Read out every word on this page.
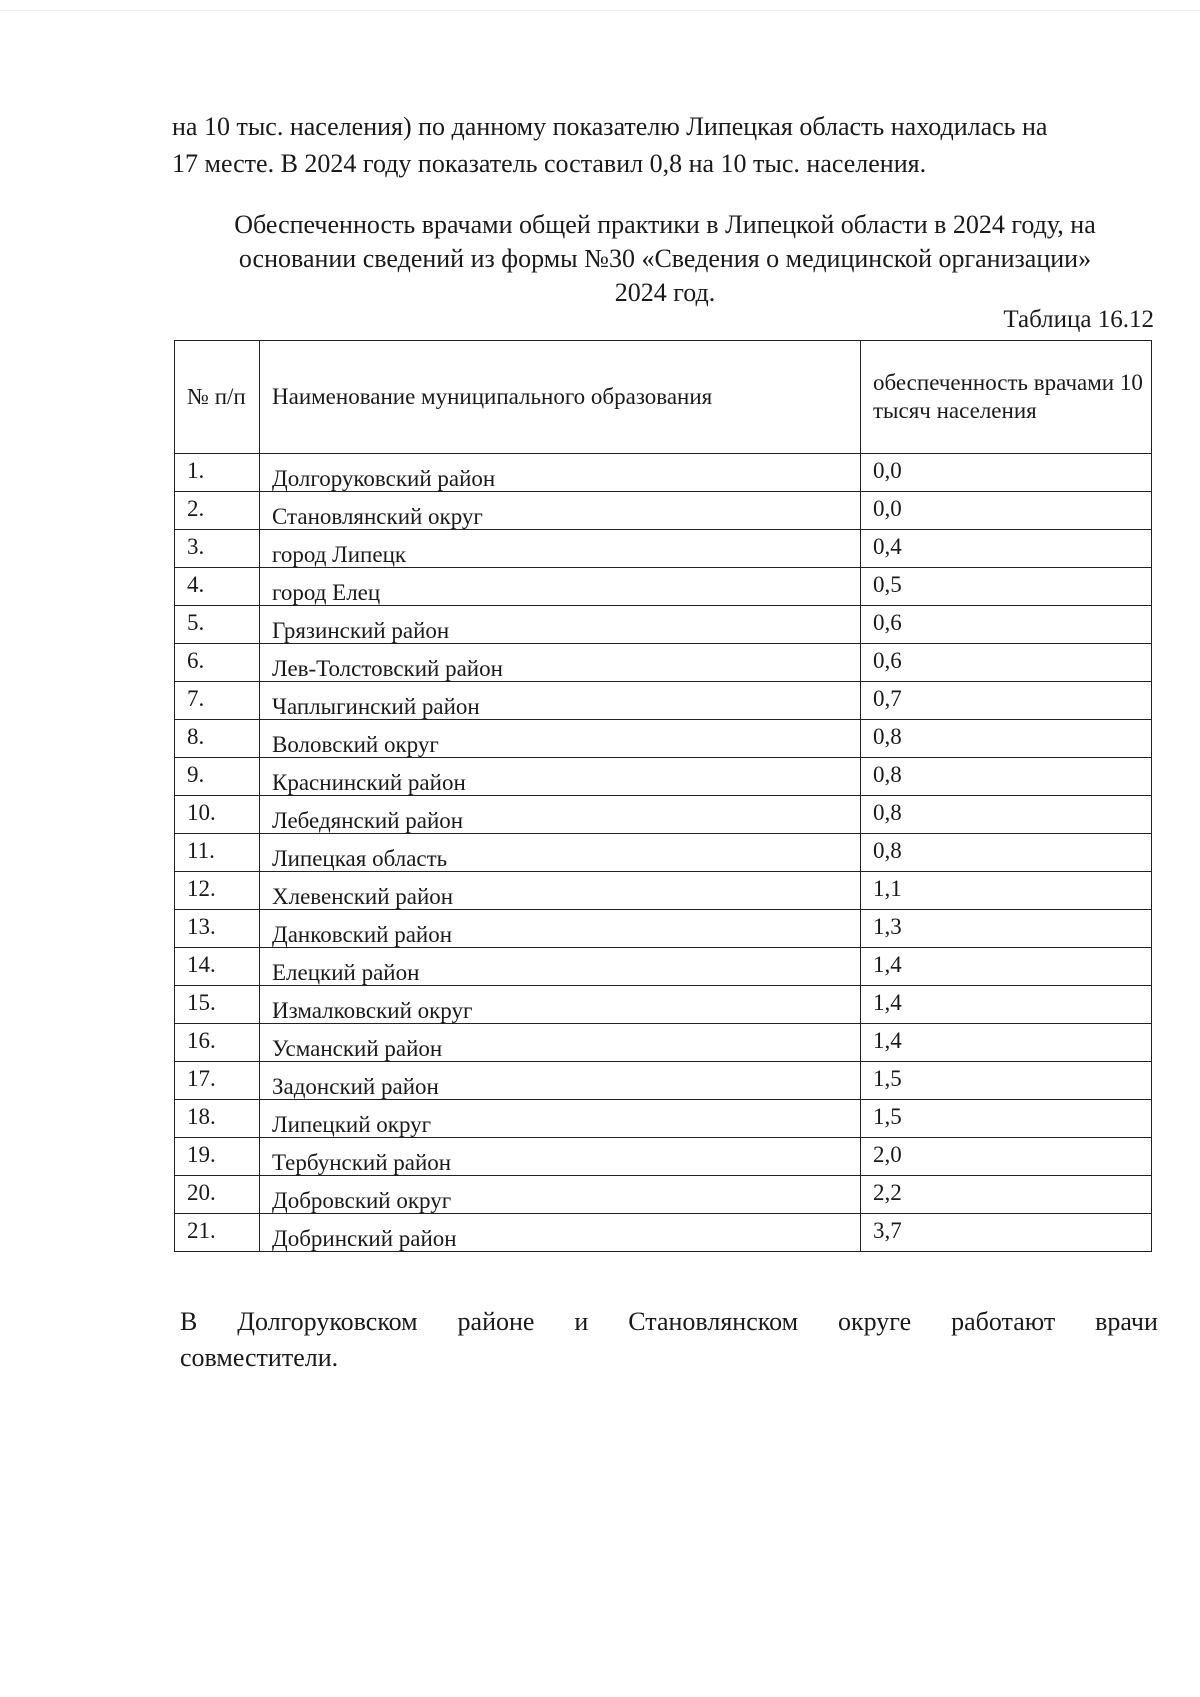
на 10 тыс. населения) по данному показателю Липецкая область находилась на
17 месте. В 2024 году показатель составил 0,8 на 10 тыс. населения.

Обеспеченность врачами общей практики в Липецкой области в 2024 году, на
основании сведений из формы №30 «Сведения о медицинской организации»
2024 год.

Таблица 16.12

№ п/п	Наименование муниципального образования	обеспеченность врачами 10 тысяч населения
1.	Долгоруковский район	0,0
2.	Становлянский округ	0,0
3.	город Липецк	0,4
4.	город Елец	0,5
5.	Грязинский район	0,6
6.	Лев-Толстовский район	0,6
7.	Чаплыгинский район	0,7
8.	Воловский округ	0,8
9.	Краснинский район	0,8
10.	Лебедянский район	0,8
11.	Липецкая область	0,8
12.	Хлевенский район	1,1
13.	Данковский район	1,3
14.	Елецкий район	1,4
15.	Измалковский округ	1,4
16.	Усманский район	1,4
17.	Задонский район	1,5
18.	Липецкий округ	1,5
19.	Тербунский район	2,0
20.	Добровский округ	2,2
21.	Добринский район	3,7
В Долгоруковском районе и Становлянском округе работают врачи
совместители.
